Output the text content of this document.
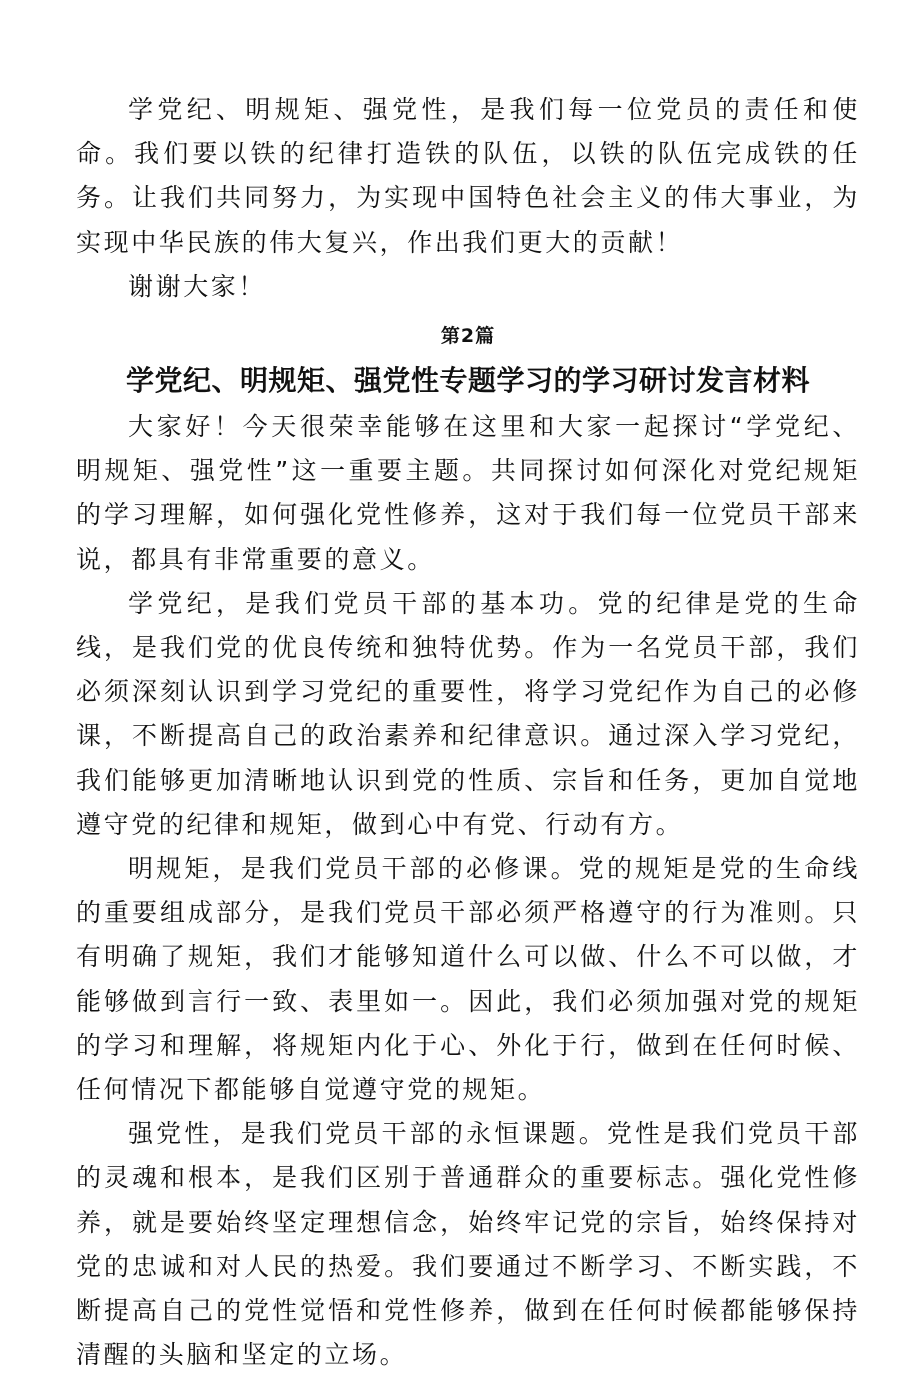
学党纪、明规矩、强党性，是我们每一位党员的责任和使命。我们要以铁的纪律打造铁的队伍，以铁的队伍完成铁的任务。让我们共同努力，为实现中国特色社会主义的伟大事业，为实现中华民族的伟大复兴，作出我们更大的贡献！

谢谢大家！

第2篇
学党纪、明规矩、强党性专题学习的学习研讨发言材料

大家好！今天很荣幸能够在这里和大家一起探讨“学党纪、明规矩、强党性”这一重要主题。共同探讨如何深化对党纪规矩的学习理解，如何强化党性修养，这对于我们每一位党员干部来说，都具有非常重要的意义。

学党纪，是我们党员干部的基本功。党的纪律是党的生命线，是我们党的优良传统和独特优势。作为一名党员干部，我们必须深刻认识到学习党纪的重要性，将学习党纪作为自己的必修课，不断提高自己的政治素养和纪律意识。通过深入学习党纪，我们能够更加清晰地认识到党的性质、宗旨和任务，更加自觉地遵守党的纪律和规矩，做到心中有党、行动有方。

明规矩，是我们党员干部的必修课。党的规矩是党的生命线的重要组成部分，是我们党员干部必须严格遵守的行为准则。只有明确了规矩，我们才能够知道什么可以做、什么不可以做，才能够做到言行一致、表里如一。因此，我们必须加强对党的规矩的学习和理解，将规矩内化于心、外化于行，做到在任何时候、任何情况下都能够自觉遵守党的规矩。

强党性，是我们党员干部的永恒课题。党性是我们党员干部的灵魂和根本，是我们区别于普通群众的重要标志。强化党性修养，就是要始终坚定理想信念，始终牢记党的宗旨，始终保持对党的忠诚和对人民的热爱。我们要通过不断学习、不断实践，不断提高自己的党性觉悟和党性修养，做到在任何时候都能够保持清醒的头脑和坚定的立场。
